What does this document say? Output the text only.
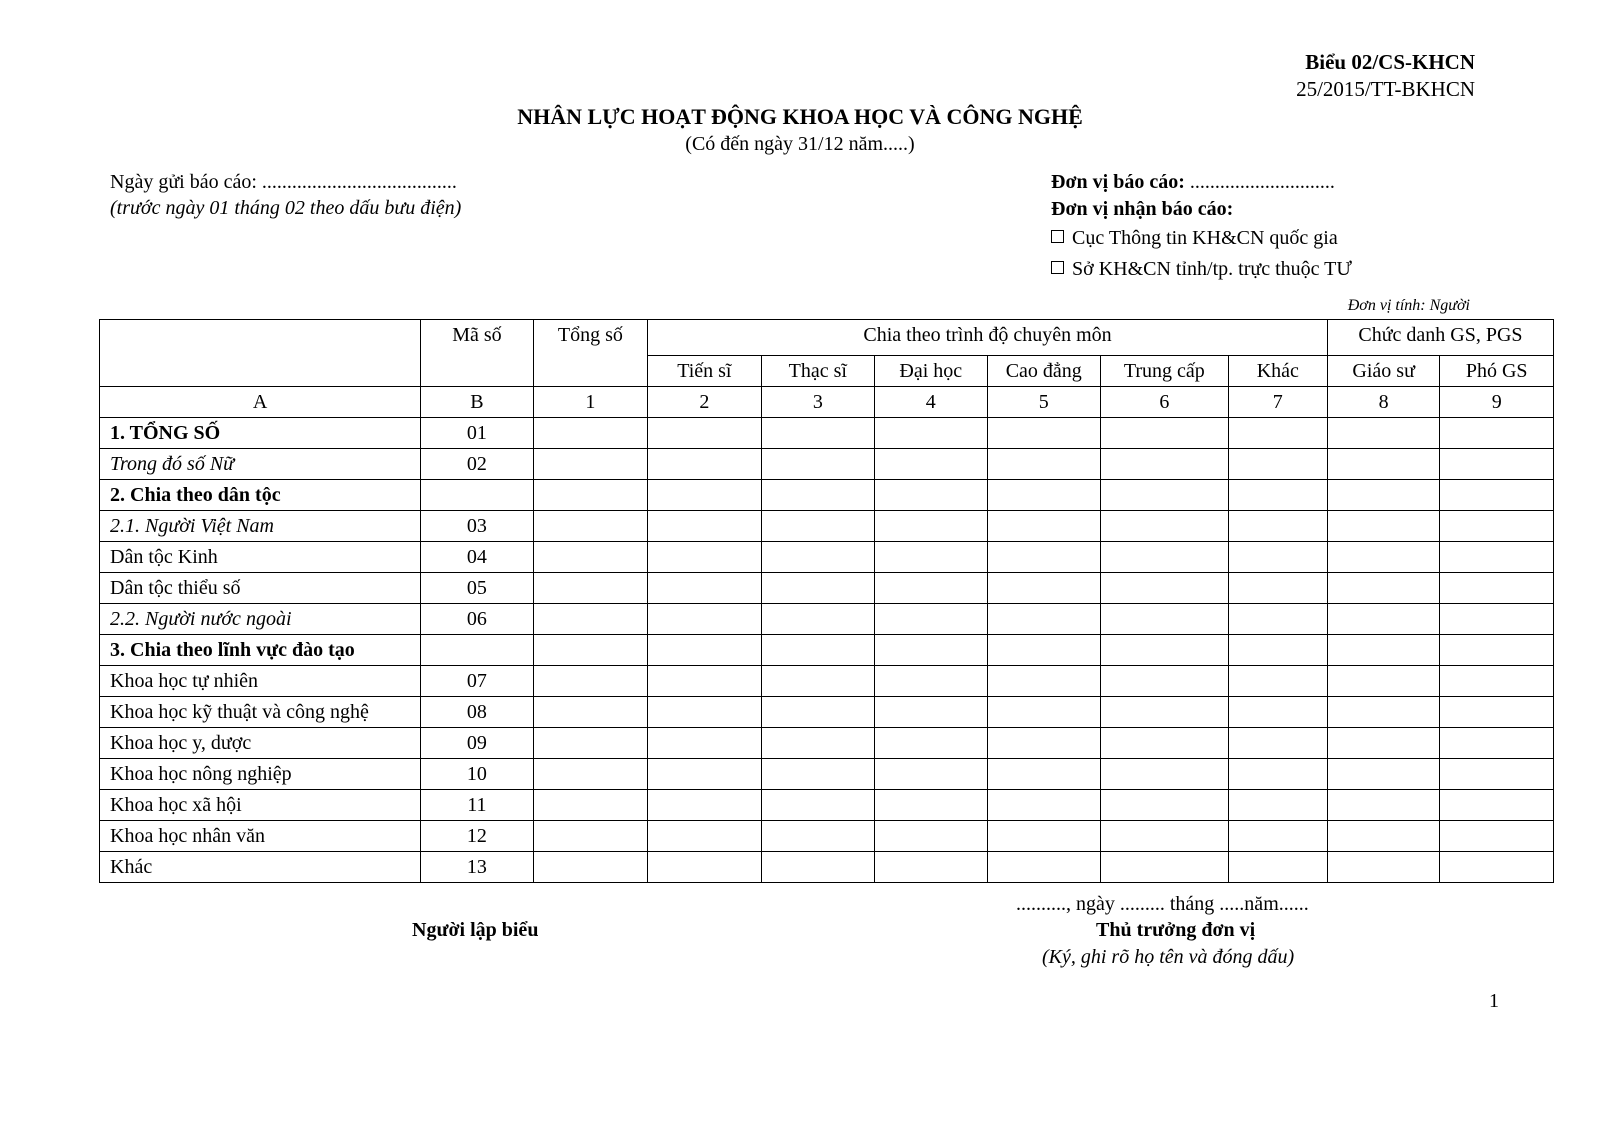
Biểu 02/CS-KHCN
25/2015/TT-BKHCN
NHÂN LỰC HOẠT ĐỘNG KHOA HỌC VÀ CÔNG NGHỆ
(Có đến ngày 31/12 năm.....)
Ngày gửi báo cáo: .......................................
(trước ngày 01 tháng 02 theo dấu bưu điện)
Đơn vị báo cáo: .............................
Đơn vị nhận báo cáo:
Cục Thông tin KH&CN quốc gia
Sở KH&CN tỉnh/tp. trực thuộc TƯ
Đơn vị tính: Người
	Mã số	Tổng số	Chia theo trình độ chuyên môn						Chức danh GS, PGS	
			Tiến sĩ	Thạc sĩ	Đại học	Cao đẳng	Trung cấp	Khác	Giáo sư	Phó GS
A	B	1	2	3	4	5	6	7	8	9
1. TỔNG SỐ	01									
Trong đó số Nữ	02									
2. Chia theo dân tộc										
2.1. Người Việt Nam	03									
Dân tộc Kinh	04									
Dân tộc thiểu số	05									
2.2. Người nước ngoài	06									
3. Chia theo lĩnh vực đào tạo										
Khoa học tự nhiên	07									
Khoa học kỹ thuật và công nghệ	08									
Khoa học y, dược	09									
Khoa học nông nghiệp	10									
Khoa học xã hội	11									
Khoa học nhân văn	12									
Khác	13									
.........., ngày ......... tháng .....năm......
Người lập biểu	Thủ trưởng đơn vị
(Ký, ghi rõ họ tên và đóng dấu)
1
